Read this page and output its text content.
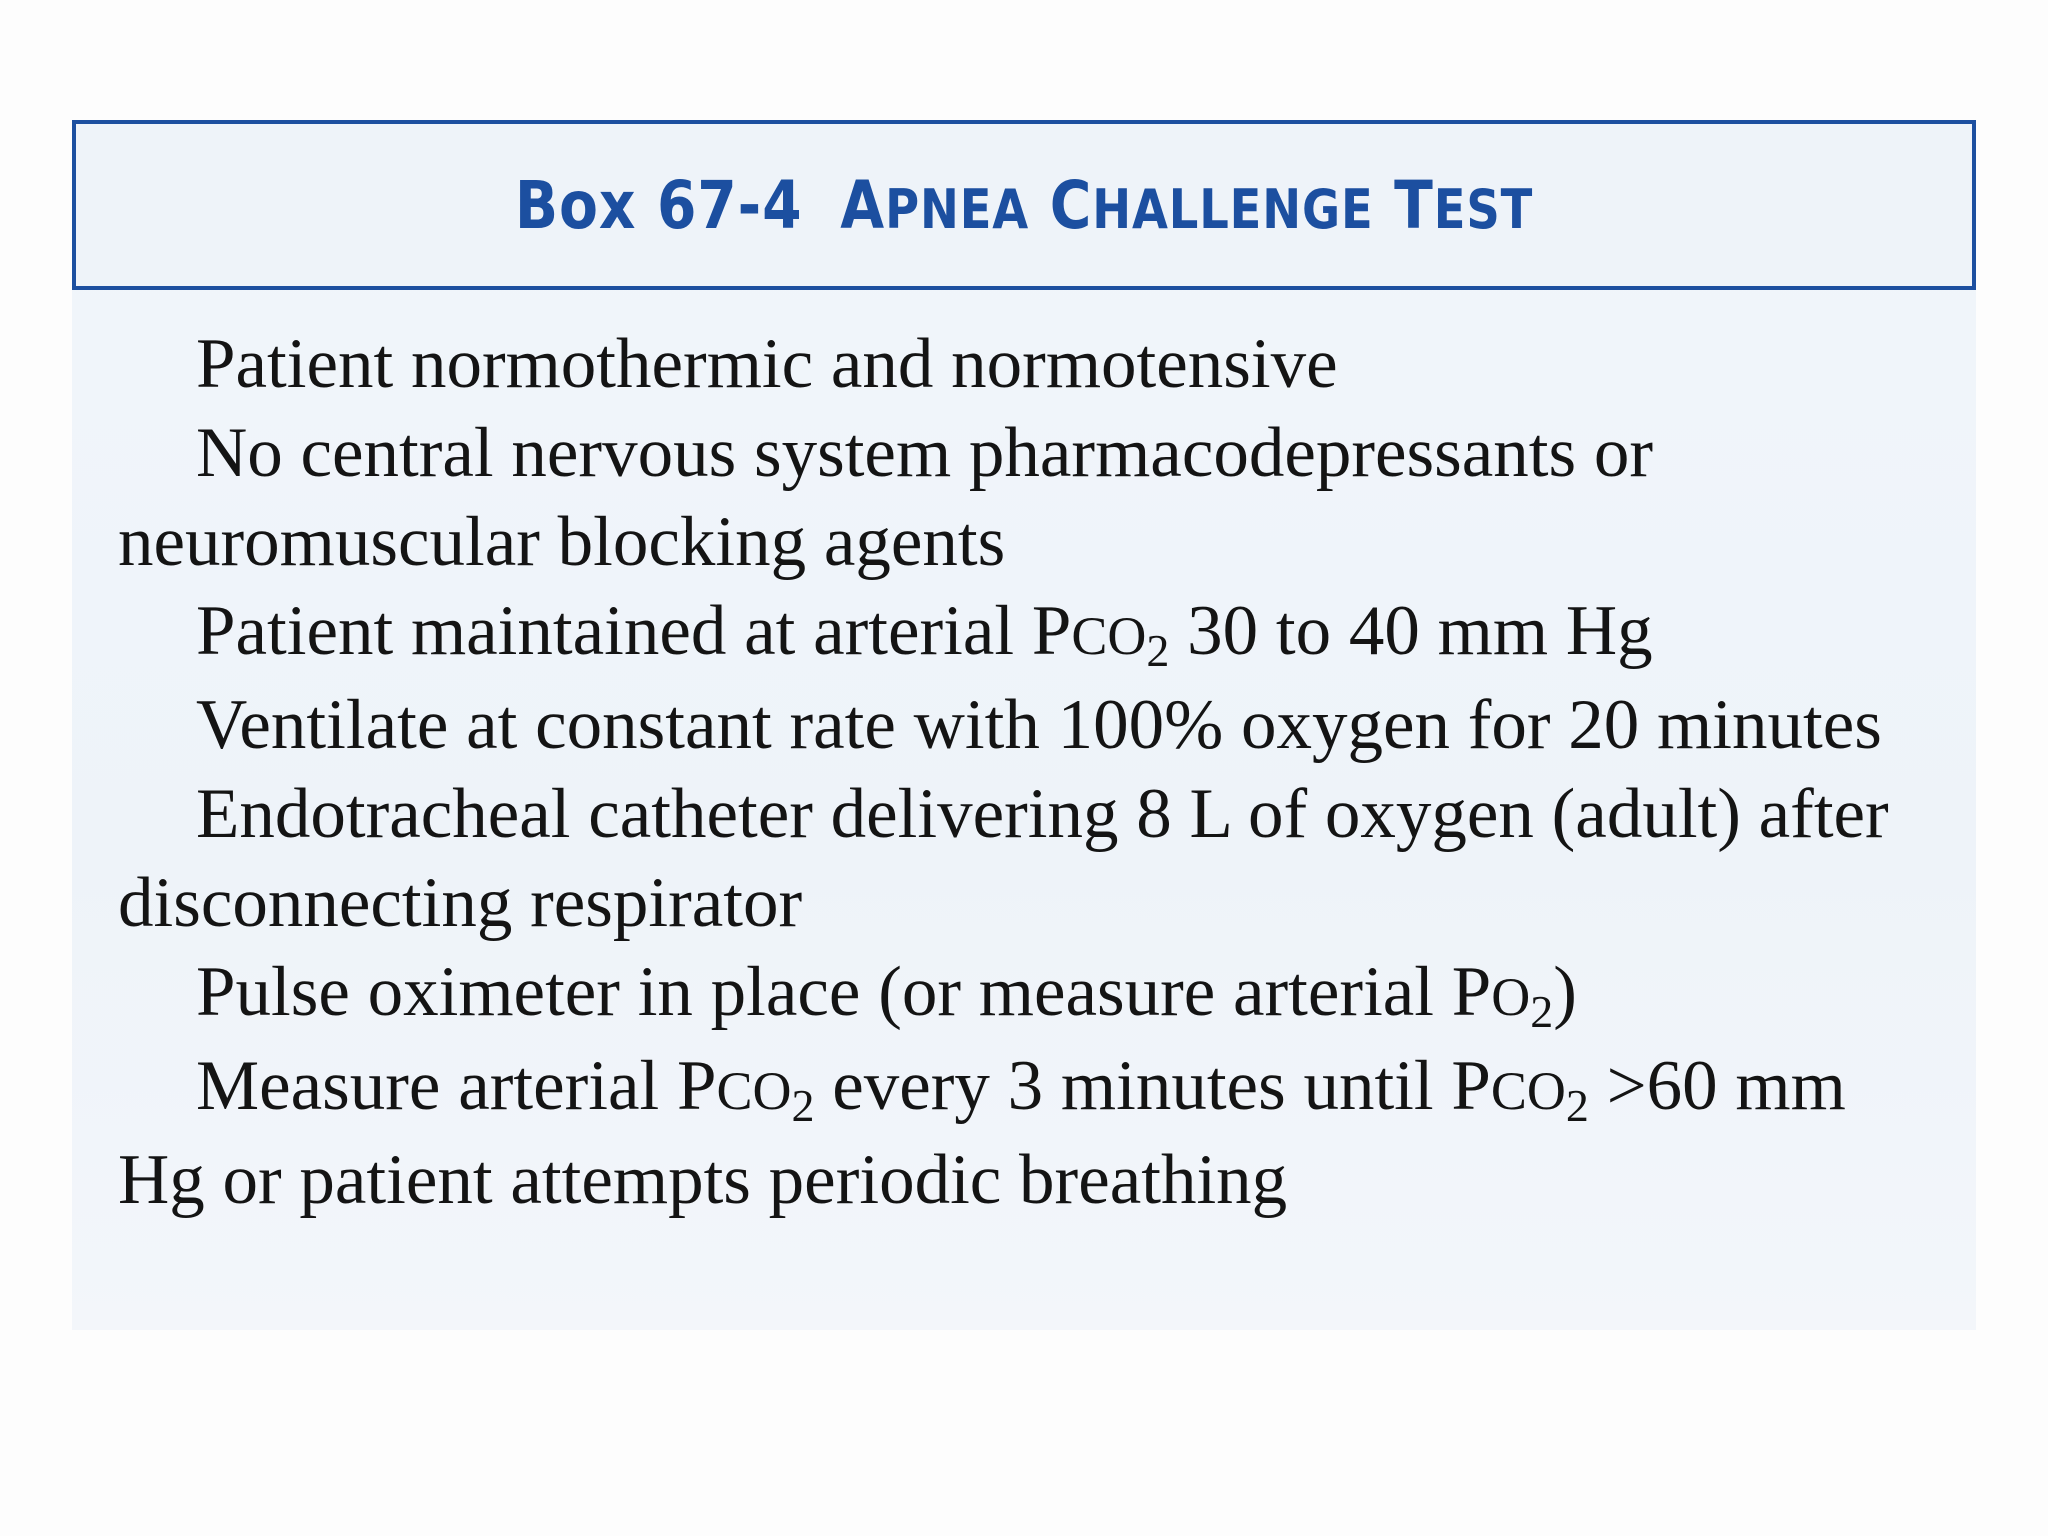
Box 67-4 APNEA CHALLENGE TEST

Patient normothermic and normotensive

No central nervous system pharmacodepressants or neuromuscular blocking agents

Patient maintained at arterial $PCO_2$ 30 to 40 mm Hg

Ventilate at constant rate with 100% oxygen for 20 minutes

Endotracheal catheter delivering 8 L of oxygen (adult) after disconnecting respirator

Pulse oximeter in place (or measure arterial $PO_2$)

Measure arterial $PCO_2$ every 3 minutes until $PCO_2 >60$ mm Hg or patient attempts periodic breathing
